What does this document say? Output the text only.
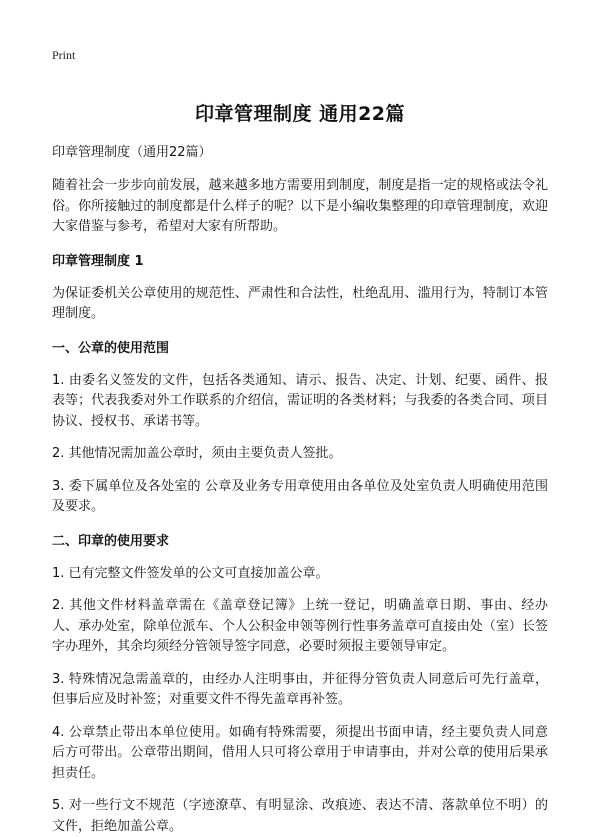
Print
印章管理制度 通用22篇
印章管理制度（通用22篇）

随着社会一步步向前发展，越来越多地方需要用到制度，制度是指一定的规格或法令礼俗。你所接触过的制度都是什么样子的呢？以下是小编收集整理的印章管理制度，欢迎大家借鉴与参考，希望对大家有所帮助。

印章管理制度 1

为保证委机关公章使用的规范性、严肃性和合法性，杜绝乱用、滥用行为，特制订本管理制度。

一、公章的使用范围

1. 由委名义签发的文件，包括各类通知、请示、报告、决定、计划、纪要、函件、报表等；代表我委对外工作联系的介绍信，需证明的各类材料；与我委的各类合同、项目协议、授权书、承诺书等。

2. 其他情况需加盖公章时，须由主要负责人签批。

3. 委下属单位及各处室的 公章及业务专用章使用由各单位及处室负责人明确使用范围及要求。

二、印章的使用要求

1. 已有完整文件签发单的公文可直接加盖公章。

2. 其他文件材料盖章需在《盖章登记簿》上统一登记，明确盖章日期、事由、经办人、承办处室，除单位派车、个人公积金申领等例行性事务盖章可直接由处（室）长签字办理外，其余均须经分管领导签字同意，必要时须报主要领导审定。

3. 特殊情况急需盖章的，由经办人注明事由，并征得分管负责人同意后可先行盖章，但事后应及时补签；对重要文件不得先盖章再补签。

4. 公章禁止带出本单位使用。如确有特殊需要，须提出书面申请，经主要负责人同意后方可带出。公章带出期间，借用人只可将公章用于申请事由，并对公章的使用后果承担责任。

5. 对一些行文不规范（字迹潦草、有明显涂、改痕迹、表达不清、落款单位不明）的文件，拒绝加盖公章。
